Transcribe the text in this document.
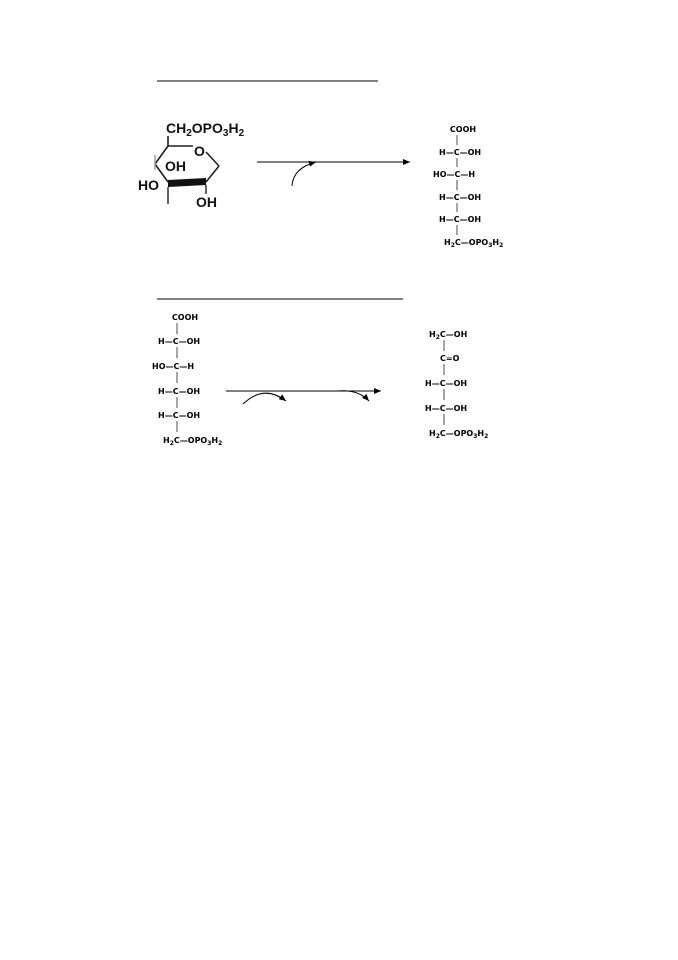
$CH_2OPO_3H_2$
O
OH
HO
OH
COOH
H—C—OH
HO—C—H
H—C—OH
H—C—OH
$H_2C—OPO_3H_2$
COOH
H—C—OH
HO—C—H
H—C—OH
H—C—OH
$H_2C—OPO_3H_2$
$H_2C—OH$
C=O
H—C—OH
H—C—OH
$H_2C—OPO_3H_2$
